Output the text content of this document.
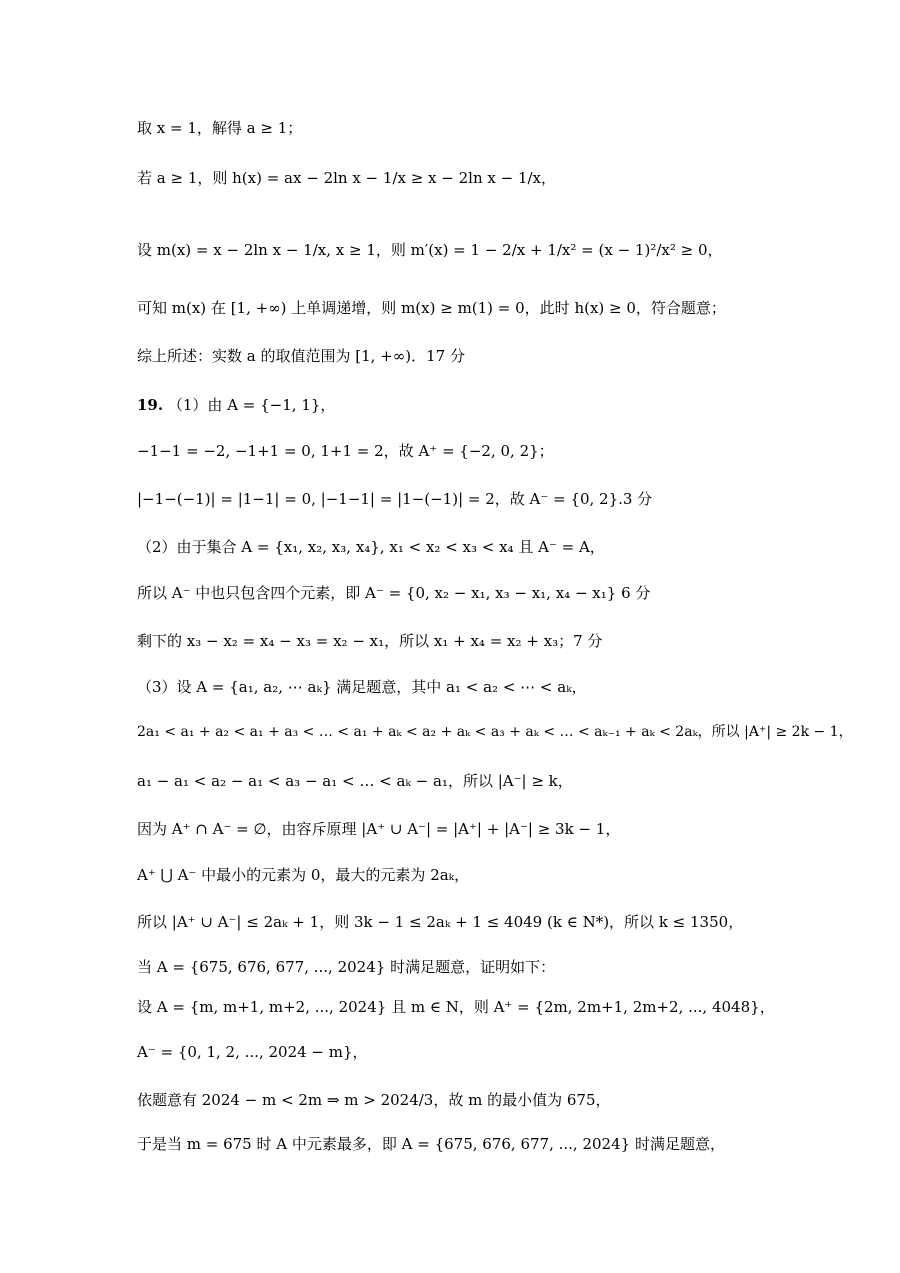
取 x = 1，解得 a ≥ 1；
若 a ≥ 1，则 h(x) = ax − 2ln x − 1/x ≥ x − 2ln x − 1/x，
设 m(x) = x − 2ln x − 1/x, x ≥ 1，则 m′(x) = 1 − 2/x + 1/x² = (x − 1)²/x² ≥ 0，
可知 m(x) 在 [1, +∞) 上单调递增，则 m(x) ≥ m(1) = 0，此时 h(x) ≥ 0，符合题意；
综上所述：实数 a 的取值范围为 [1, +∞)．17 分
19. （1）由 A = {−1, 1}，
−1−1 = −2, −1+1 = 0, 1+1 = 2，故 A⁺ = {−2, 0, 2}；
|−1−(−1)| = |1−1| = 0, |−1−1| = |1−(−1)| = 2，故 A⁻ = {0, 2}.3 分
（2）由于集合 A = {x₁, x₂, x₃, x₄}, x₁ < x₂ < x₃ < x₄ 且 A⁻ = A，
所以 A⁻ 中也只包含四个元素，即 A⁻ = {0, x₂ − x₁, x₃ − x₁, x₄ − x₁} 6 分
剩下的 x₃ − x₂ = x₄ − x₃ = x₂ − x₁，所以 x₁ + x₄ = x₂ + x₃；7 分
（3）设 A = {a₁, a₂, ⋯ aₖ} 满足题意，其中 a₁ < a₂ < ⋯ < aₖ，
2a₁ < a₁ + a₂ < a₁ + a₃ < … < a₁ + aₖ < a₂ + aₖ < a₃ + aₖ < … < aₖ₋₁ + aₖ < 2aₖ，所以 |A⁺| ≥ 2k − 1，
a₁ − a₁ < a₂ − a₁ < a₃ − a₁ < … < aₖ − a₁，所以 |A⁻| ≥ k，
因为 A⁺ ∩ A⁻ = ∅，由容斥原理 |A⁺ ∪ A⁻| = |A⁺| + |A⁻| ≥ 3k − 1，
A⁺ ⋃ A⁻ 中最小的元素为 0，最大的元素为 2aₖ，
所以 |A⁺ ∪ A⁻| ≤ 2aₖ + 1，则 3k − 1 ≤ 2aₖ + 1 ≤ 4049 (k ∈ N*)，所以 k ≤ 1350，
当 A = {675, 676, 677, ..., 2024} 时满足题意，证明如下：
设 A = {m, m+1, m+2, ..., 2024} 且 m ∈ N，则 A⁺ = {2m, 2m+1, 2m+2, ..., 4048}，
A⁻ = {0, 1, 2, ..., 2024 − m}，
依题意有 2024 − m < 2m ⇒ m > 2024/3，故 m 的最小值为 675，
于是当 m = 675 时 A 中元素最多，即 A = {675, 676, 677, ..., 2024} 时满足题意，
